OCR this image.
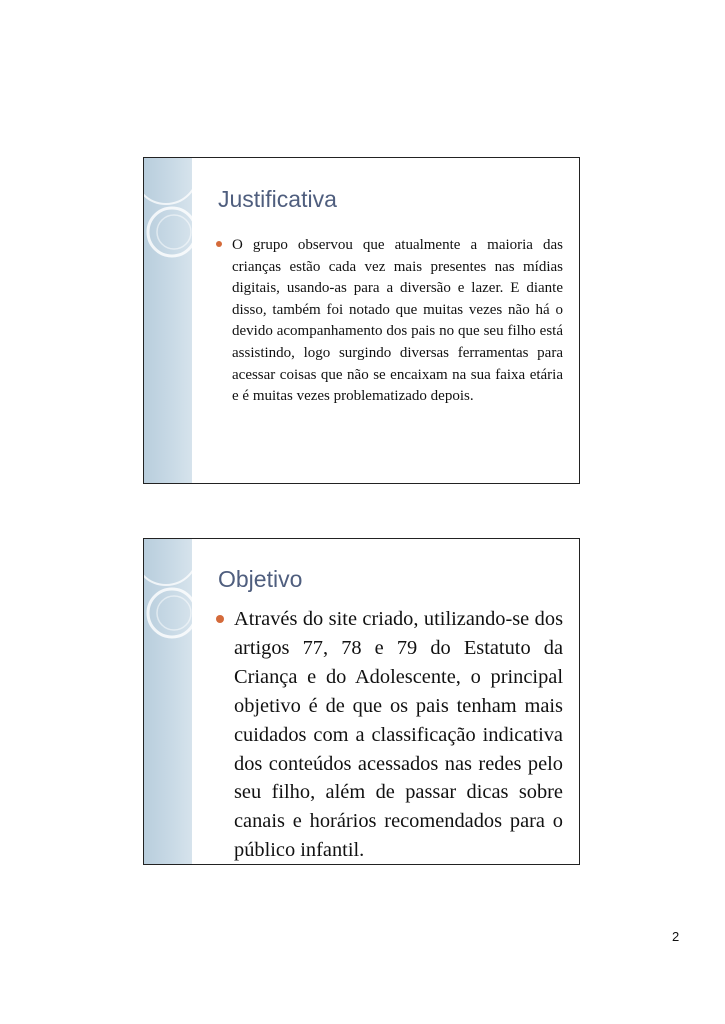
Justificativa

O grupo observou que atualmente a maioria das crianças estão cada vez mais presentes nas mídias digitais, usando-as para a diversão e lazer. E diante disso, também foi notado que muitas vezes não há o devido acompanhamento dos pais no que seu filho está assistindo, logo surgindo diversas ferramentas para acessar coisas que não se encaixam na sua faixa etária e é muitas vezes problematizado depois.

Objetivo

Através do site criado, utilizando-se dos artigos 77, 78 e 79 do Estatuto da Criança e do Adolescente, o principal objetivo é de que os pais tenham mais cuidados com a classificação indicativa dos conteúdos acessados nas redes pelo seu filho, além de passar dicas sobre canais e horários recomendados para o público infantil.

2
